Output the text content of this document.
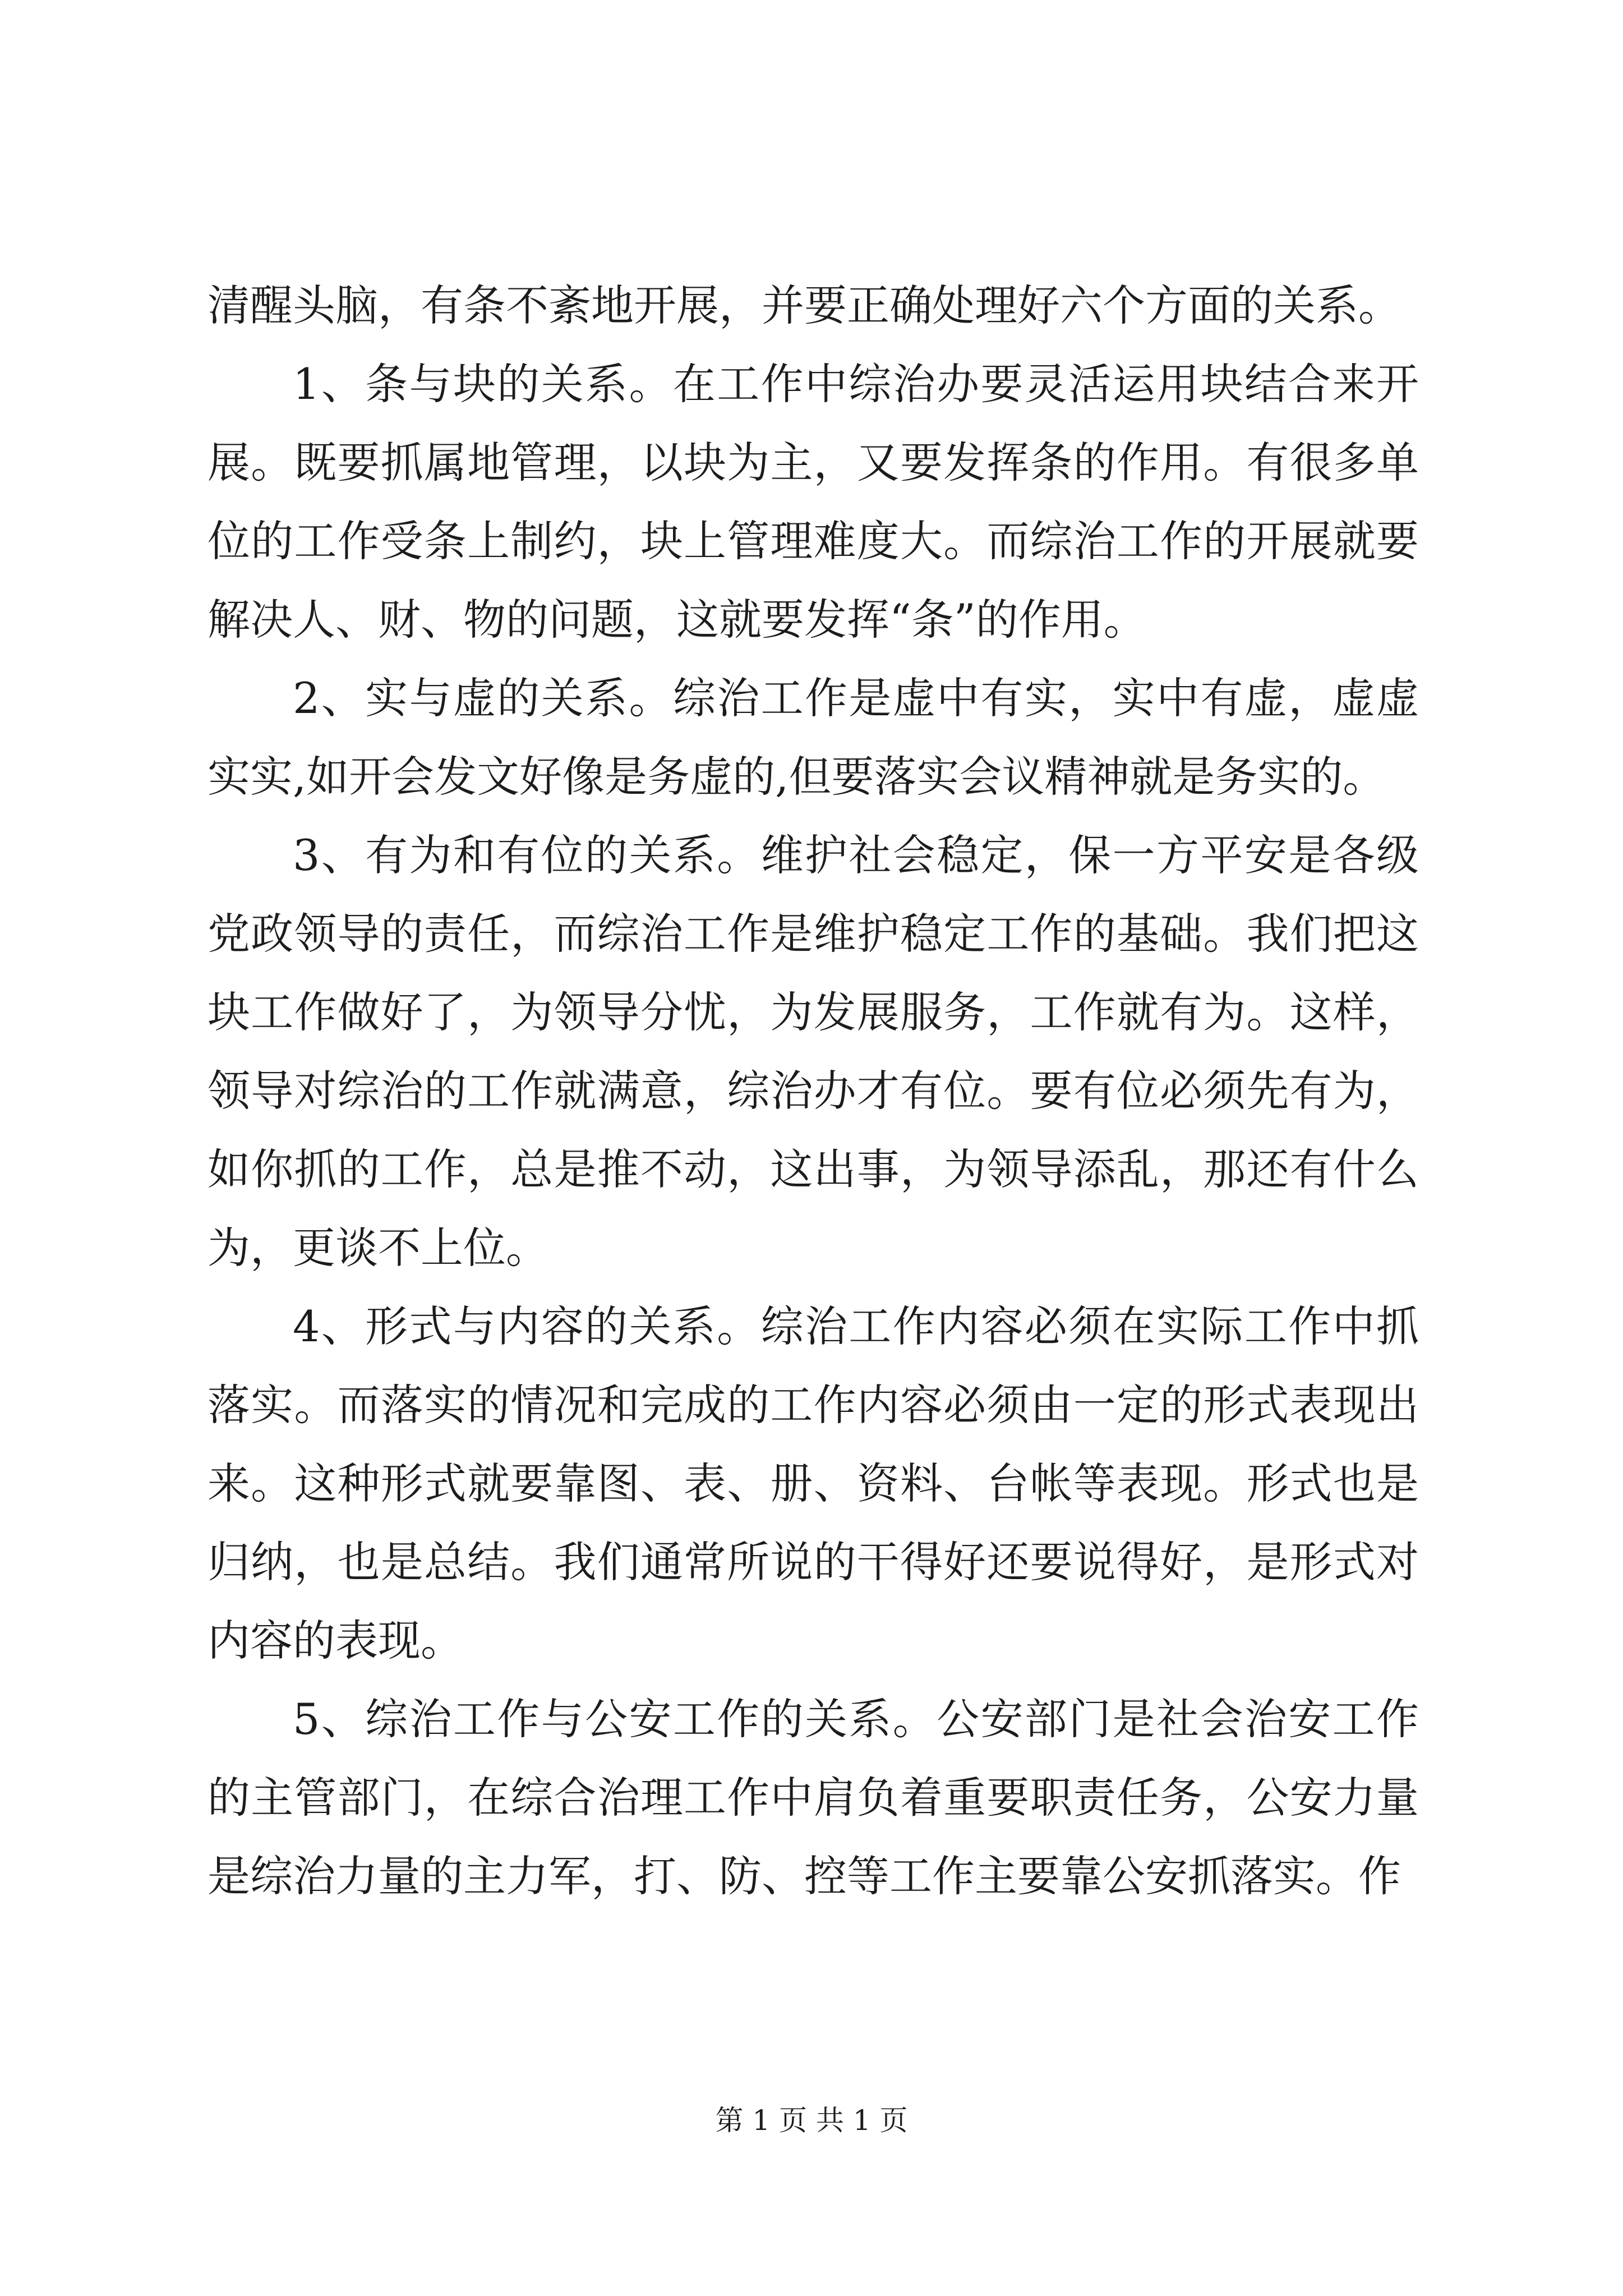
清醒头脑，有条不紊地开展，并要正确处理好六个方面的关系。

1、条与块的关系。在工作中综治办要灵活运用块结合来开展。既要抓属地管理，以块为主，又要发挥条的作用。有很多单位的工作受条上制约，块上管理难度大。而综治工作的开展就要解决人、财、物的问题，这就要发挥“条”的作用。

2、实与虚的关系。综治工作是虚中有实，实中有虚，虚虚实实,如开会发文好像是务虚的,但要落实会议精神就是务实的。

3、有为和有位的关系。维护社会稳定，保一方平安是各级党政领导的责任，而综治工作是维护稳定工作的基础。我们把这块工作做好了，为领导分忧，为发展服务，工作就有为。这样，领导对综治的工作就满意，综治办才有位。要有位必须先有为，如你抓的工作，总是推不动，这出事，为领导添乱，那还有什么为，更谈不上位。

4、形式与内容的关系。综治工作内容必须在实际工作中抓落实。而落实的情况和完成的工作内容必须由一定的形式表现出来。这种形式就要靠图、表、册、资料、台帐等表现。形式也是归纳，也是总结。我们通常所说的干得好还要说得好，是形式对内容的表现。

5、综治工作与公安工作的关系。公安部门是社会治安工作的主管部门，在综合治理工作中肩负着重要职责任务，公安力量是综治力量的主力军，打、防、控等工作主要靠公安抓落实。作

第 1 页 共 1 页
